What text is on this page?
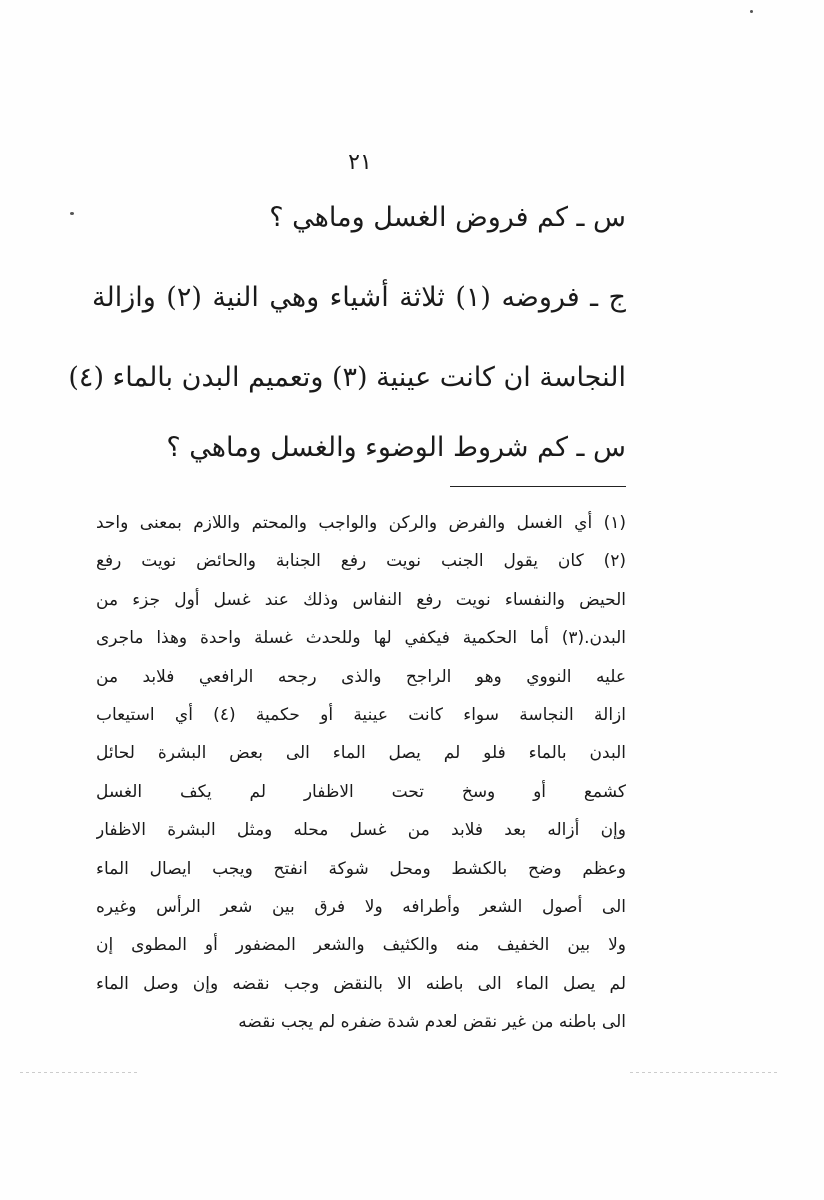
٢١
س ـ كم فروض الغسل وماهي ؟
ج ـ فروضه (١) ثلاثة أشياء وهي النية (٢) وازالة
النجاسة ان كانت عينية (٣) وتعميم البدن بالماء (٤)
س ـ كم شروط الوضوء والغسل وماهي ؟
(١) أي الغسل والفرض والركن والواجب والمحتم واللازم بمعنى واحد
(٢) كان يقول الجنب نويت رفع الجنابة والحائض نويت رفع
الحيض والنفساء نويت رفع النفاس وذلك عند غسل أول جزء من
البدن.(٣) أما الحكمية فيكفي لها وللحدث غسلة واحدة وهذا ماجرى
عليه النووي وهو الراجح والذى رجحه الرافعي فلابد من
ازالة النجاسة سواء كانت عينية أو حكمية (٤) أي استيعاب
البدن بالماء فلو لم يصل الماء الى بعض البشرة لحائل
كشمع أو وسخ تحت الاظفار لم يكف الغسل
وإن أزاله بعد فلابد من غسل محله ومثل البشرة الاظفار
وعظم وضح بالكشط ومحل شوكة انفتح ويجب ايصال الماء
الى أصول الشعر وأطرافه ولا فرق بين شعر الرأس وغيره
ولا بين الخفيف منه والكثيف والشعر المضفور أو المطوى إن
لم يصل الماء الى باطنه الا بالنقض وجب نقضه وإن وصل الماء
الى باطنه من غير نقض لعدم شدة ضفره لم يجب نقضه
